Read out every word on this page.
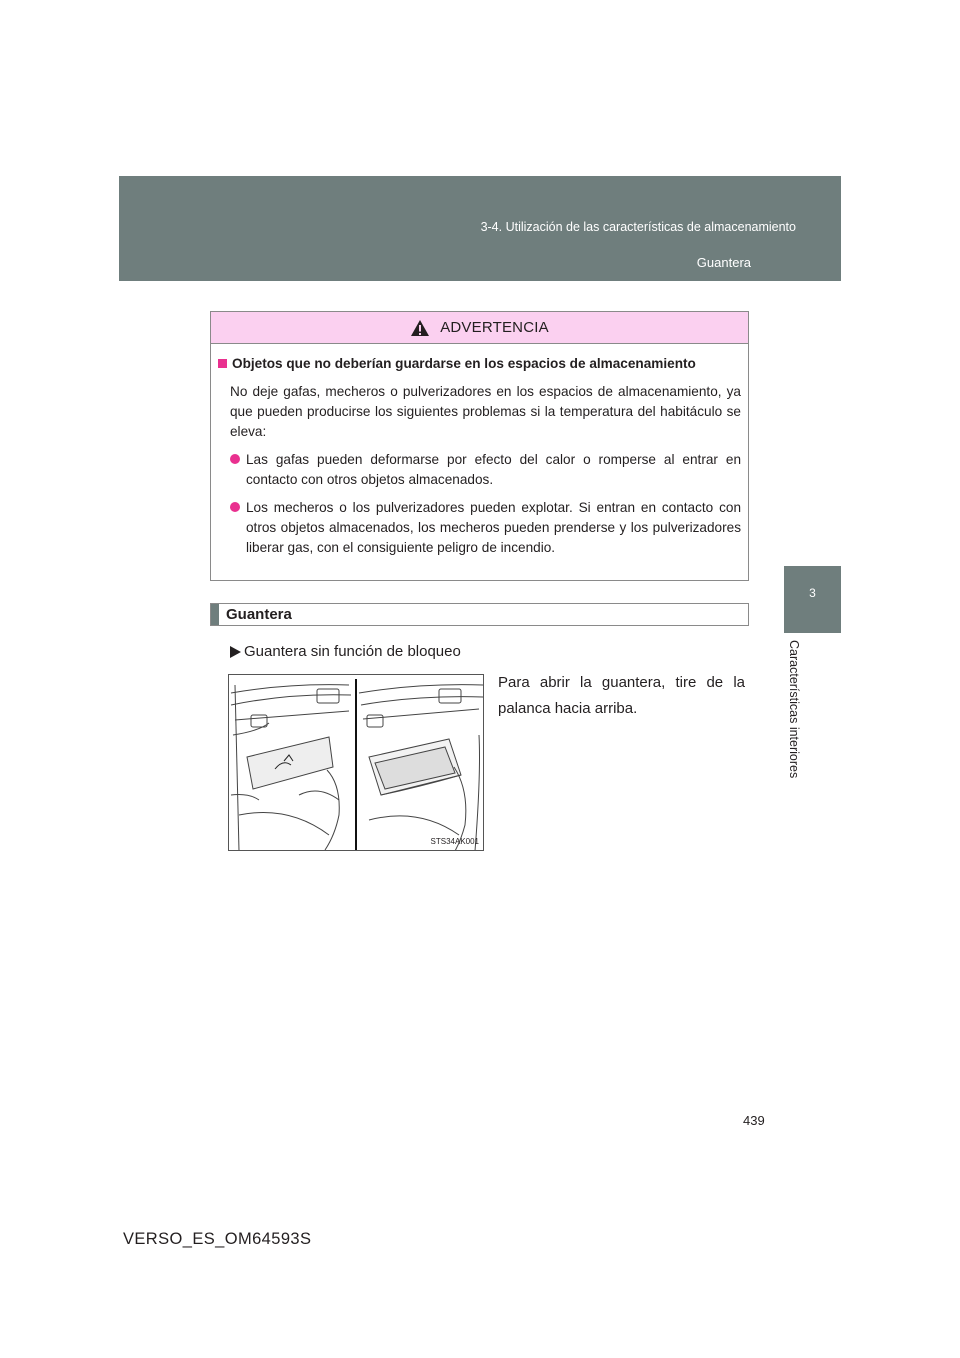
3-4. Utilización de las características de almacenamiento
Guantera
3
Características interiores
ADVERTENCIA
Objetos que no deberían guardarse en los espacios de almacenamiento
No deje gafas, mecheros o pulverizadores en los espacios de almacenamiento, ya que pueden producirse los siguientes problemas si la temperatura del habitáculo se eleva:
Las gafas pueden deformarse por efecto del calor o romperse al entrar en contacto con otros objetos almacenados.
Los mecheros o los pulverizadores pueden explotar. Si entran en contacto con otros objetos almacenados, los mecheros pueden prenderse y los pulverizadores liberar gas, con el consiguiente peligro de incendio.
Guantera
Guantera sin función de bloqueo
Para abrir la guantera, tire de la palanca hacia arriba.
STS34AK001
439
VERSO_ES_OM64593S
